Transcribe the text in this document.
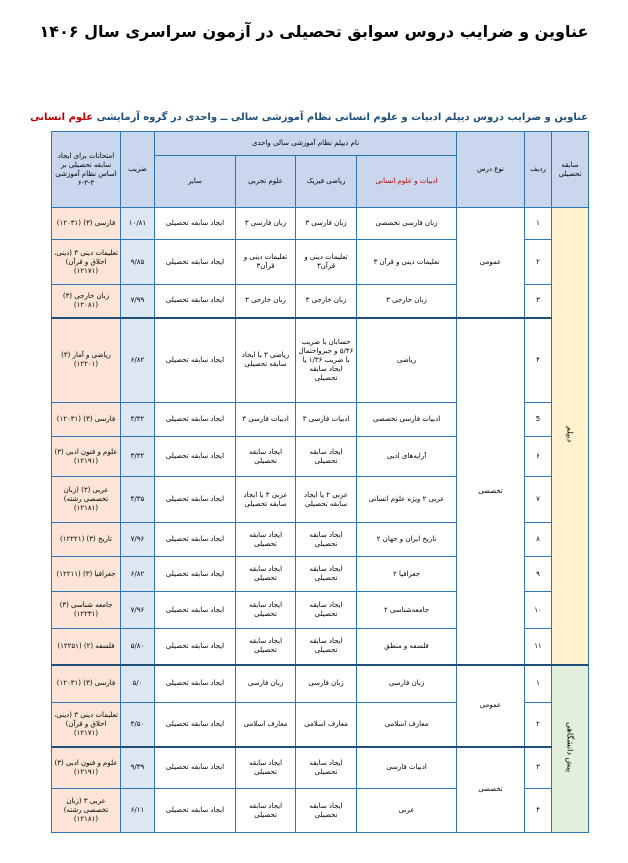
عناوین و ضرایب دروس سوابق تحصیلی در آزمون سراسری سال ۱۴۰۶
عناوین و ضرایب دروس دیپلم ادبیات و علوم انسانی نظام آموزشی سالی ــ واحدی در گروه آزمایشی علوم انسانی
سابقه تحصیلی	ردیف	نوع درس	نام دیپلم نظام آموزشی سالی واحدی				ضریب	امتحانات برای ایجاد سابقه تحصیلی بر اساس نظام آموزشی ۳-۳-۶
			ادبیات و علوم انسانی	ریاضی فیزیک	علوم تجربی	سایر		
دیپلم	۱	عمومی	زبان فارسی تخصصی	زبان فارسی ۳	زبان فارسی ۳	ایجاد سابقه تحصیلی	۱۰/۸۱	فارسی (۳) (۱۲۰۳۱)
	۲		تعلیمات دینی و قرآن ۳	تعلیمات دینی و قرآن۳	تعلیمات دینی و قرآن۳	ایجاد سابقه تحصیلی	۹/۸۵	تعلیمات دینی ۳ (دینی، اخلاق و قرآن) (۱۲۱۷۱)
	۳		زبان خارجی ۳	زبان خارجی ۳	زبان خارجی ۳	ایجاد سابقه تحصیلی	۷/۹۹	زبان خارجی (۳) (۱۲۰۸۱)
	۴	تخصصی	ریاضی	حسابان با ضریب ۵/۴۶ و جبرواحتمال با ضریب ۱/۳۶ یا ایجاد سابقه تحصیلی	ریاضی ۳ یا ایجاد سابقه تحصیلی	ایجاد سابقه تحصیلی	۶/۸۲	ریاضی و آمار (۳) (۱۲۲۰۱)
	5		ادبیات فارسی تخصصی	ادبیات فارسی ۳	ادبیات فارسی ۳	ایجاد سابقه تحصیلی	۳/۳۲	فارسی (۳) (۱۲۰۳۱)
	۶		آرایه‌های ادبی	ایجاد سابقه تحصیلی	ایجاد سابقه تحصیلی	ایجاد سابقه تحصیلی	۳/۳۲	علوم و فنون ادبی (۳) (۱۲۱۹۱)
	۷		عربی ۲ ویژه علوم انسانی	عربی ۲ یا ایجاد سابقه تحصیلی	عربی ۳ یا ایجاد سابقه تحصیلی	ایجاد سابقه تحصیلی	۴/۳۵	عربی (۳) (زبان تخصصی رشته) (۱۲۱۸۱)
	۸		تاریخ ایران و جهان ۲	ایجاد سابقه تحصیلی	ایجاد سابقه تحصیلی	ایجاد سابقه تحصیلی	۷/۹۶	تاریخ (۳) (۱۲۲۲۱)
	۹		جغرافیا ۲	ایجاد سابقه تحصیلی	ایجاد سابقه تحصیلی	ایجاد سابقه تحصیلی	۶/۸۲	جغرافیا (۳) (۱۲۲۱۱)
	۱۰		جامعه‌شناسی ۲	ایجاد سابقه تحصیلی	ایجاد سابقه تحصیلی	ایجاد سابقه تحصیلی	۷/۹۶	جامعه شناسی (۳) (۱۲۲۳۱)
	۱۱		فلسفه و منطق	ایجاد سابقه تحصیلی	ایجاد سابقه تحصیلی	ایجاد سابقه تحصیلی	۵/۸۰	فلسفه (۲) (۱۲۲۵۱)
پیش دانشگاهی	۱	عمومی	زبان فارسی	زبان فارسی	زبان فارسی	ایجاد سابقه تحصیلی	۵/۰	فارسی (۳) (۱۲۰۳۱)
	۲		معارف اسلامی	معارف اسلامی	معارف اسلامی	ایجاد سابقه تحصیلی	۴/۵۰	تعلیمات دینی ۳ (دینی، اخلاق و قرآن) (۱۲۱۷۱)
	۳	تخصصی	ادبیات فارسی	ایجاد سابقه تحصیلی	ایجاد سابقه تحصیلی	ایجاد سابقه تحصیلی	۹/۳۹	علوم و فنون ادبی (۳) (۱۲۱۹۱)
	۴		عربی	ایجاد سابقه تحصیلی	ایجاد سابقه تحصیلی	ایجاد سابقه تحصیلی	۶/۱۱	عربی ۳ (زبان تخصصی رشته) (۱۲۱۸۱)
